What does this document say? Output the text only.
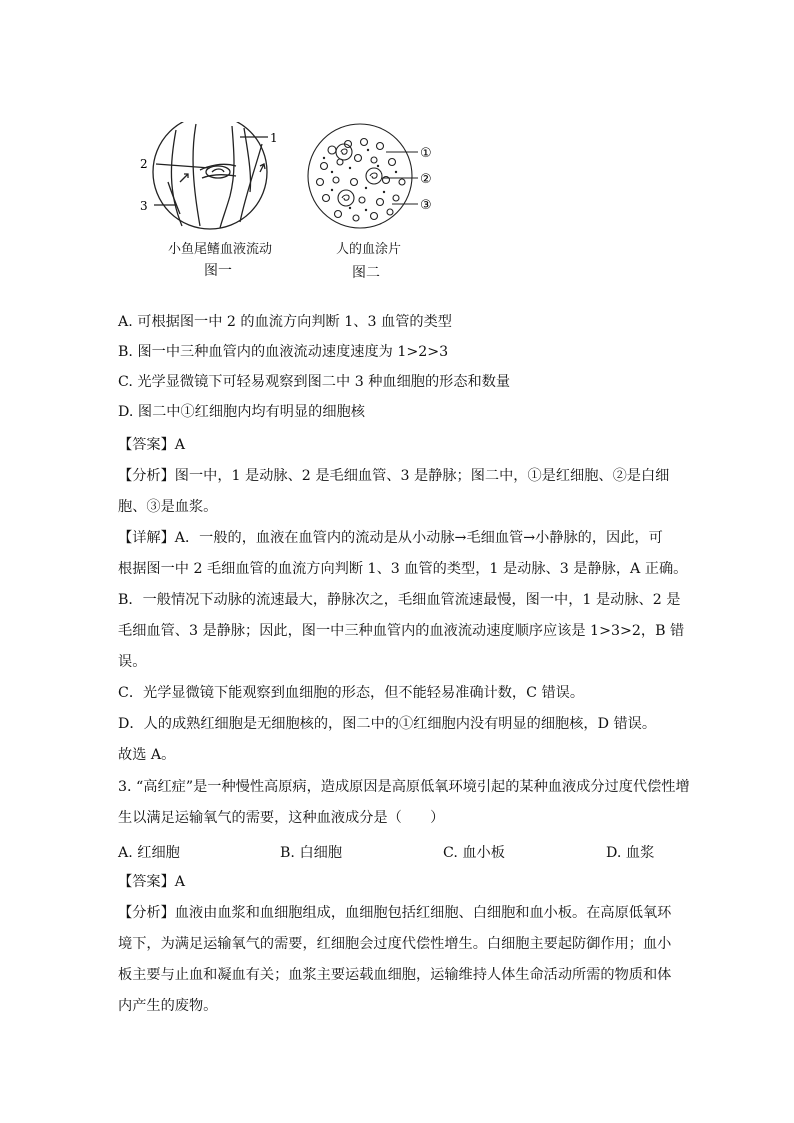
1
2
3
①
②
③
小鱼尾鳍血液流动
图一
人的血涂片
图二
A. 可根据图一中 2 的血流方向判断 1、3 血管的类型
B. 图一中三种血管内的血液流动速度速度为 1>2>3
C. 光学显微镜下可轻易观察到图二中 3 种血细胞的形态和数量
D. 图二中①红细胞内均有明显的细胞核
【答案】A
【分析】图一中，1 是动脉、2 是毛细血管、3 是静脉；图二中，①是红细胞、②是白细
胞、③是血浆。
【详解】A．一般的，血液在血管内的流动是从小动脉→毛细血管→小静脉的，因此，可
根据图一中 2 毛细血管的血流方向判断 1、3 血管的类型，1 是动脉、3 是静脉，A 正确。
B．一般情况下动脉的流速最大，静脉次之，毛细血管流速最慢，图一中，1 是动脉、2 是
毛细血管、3 是静脉；因此，图一中三种血管内的血液流动速度顺序应该是 1>3>2，B 错
误。
C．光学显微镜下能观察到血细胞的形态，但不能轻易准确计数，C 错误。
D．人的成熟红细胞是无细胞核的，图二中的①红细胞内没有明显的细胞核，D 错误。
故选 A。
3. “高红症”是一种慢性高原病，造成原因是高原低氧环境引起的某种血液成分过度代偿性增
生以满足运输氧气的需要，这种血液成分是（　　）
A. 红细胞	B. 白细胞	C. 血小板	D. 血浆
【答案】A
【分析】血液由血浆和血细胞组成，血细胞包括红细胞、白细胞和血小板。在高原低氧环
境下，为满足运输氧气的需要，红细胞会过度代偿性增生。白细胞主要起防御作用；血小
板主要与止血和凝血有关；血浆主要运载血细胞，运输维持人体生命活动所需的物质和体
内产生的废物。
